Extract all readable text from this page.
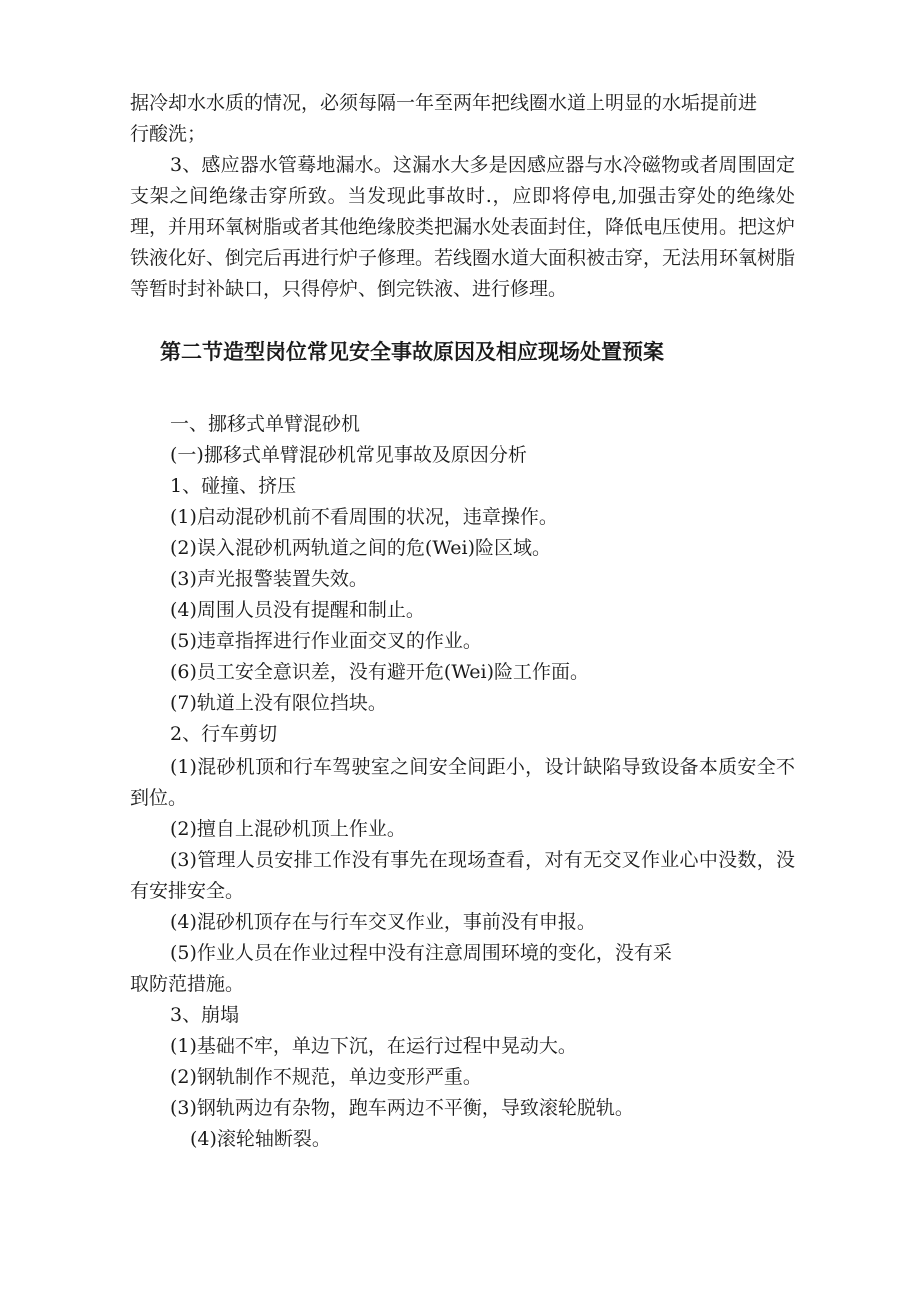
据冷却水水质的情况，必须每隔一年至两年把线圈水道上明显的水垢提前进

行酸洗；

3、感应器水管蓦地漏水。这漏水大多是因感应器与水冷磁物或者周围固定支架之间绝缘击穿所致。当发现此事故时.，应即将停电,加强击穿处的绝缘处理，并用环氧树脂或者其他绝缘胶类把漏水处表面封住，降低电压使用。把这炉铁液化好、倒完后再进行炉子修理。若线圈水道大面积被击穿，无法用环氧树脂等暂时封补缺口，只得停炉、倒完铁液、进行修理。

第二节造型岗位常见安全事故原因及相应现场处置预案

一、挪移式单臂混砂机

(一)挪移式单臂混砂机常见事故及原因分析

1、碰撞、挤压

(1)启动混砂机前不看周围的状况，违章操作。

(2)误入混砂机两轨道之间的危(Wei)险区域。

(3)声光报警装置失效。

(4)周围人员没有提醒和制止。

(5)违章指挥进行作业面交叉的作业。

(6)员工安全意识差，没有避开危(Wei)险工作面。

(7)轨道上没有限位挡块。

2、行车剪切

(1)混砂机顶和行车驾驶室之间安全间距小，设计缺陷导致设备本质安全不到位。

(2)擅自上混砂机顶上作业。

(3)管理人员安排工作没有事先在现场查看，对有无交叉作业心中没数，没有安排安全。

(4)混砂机顶存在与行车交叉作业，事前没有申报。

(5)作业人员在作业过程中没有注意周围环境的变化，没有采

取防范措施。

3、崩塌

(1)基础不牢，单边下沉，在运行过程中晃动大。

(2)钢轨制作不规范，单边变形严重。

(3)钢轨两边有杂物，跑车两边不平衡，导致滚轮脱轨。

(4)滚轮轴断裂。
